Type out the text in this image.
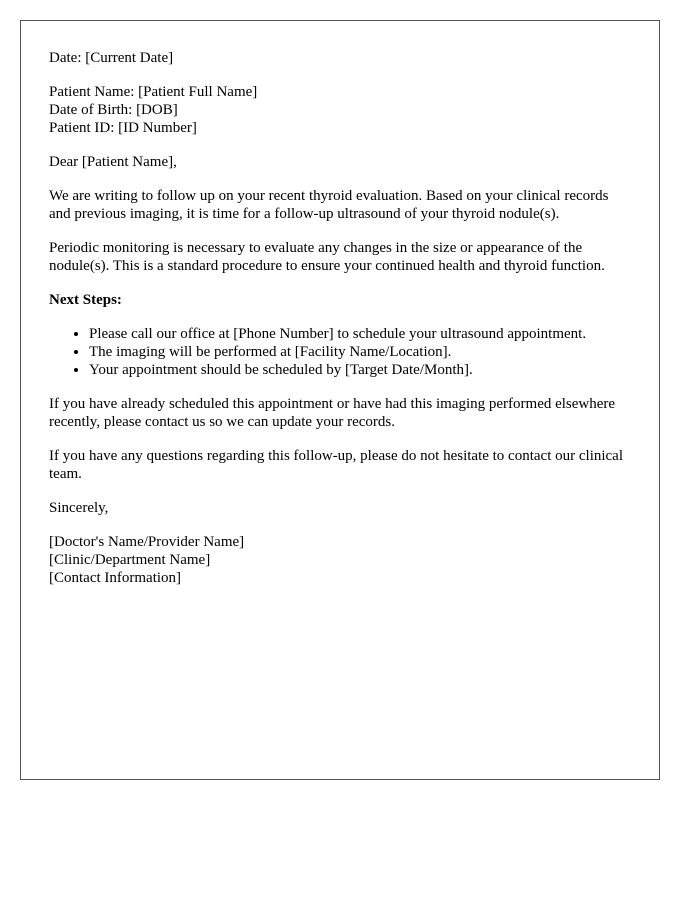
Date: [Current Date]

Patient Name: [Patient Full Name]
Date of Birth: [DOB]
Patient ID: [ID Number]

Dear [Patient Name],

We are writing to follow up on your recent thyroid evaluation. Based on your clinical records and previous imaging, it is time for a follow-up ultrasound of your thyroid nodule(s).

Periodic monitoring is necessary to evaluate any changes in the size or appearance of the nodule(s). This is a standard procedure to ensure your continued health and thyroid function.

Next Steps:
• Please call our office at [Phone Number] to schedule your ultrasound appointment.
• The imaging will be performed at [Facility Name/Location].
• Your appointment should be scheduled by [Target Date/Month].

If you have already scheduled this appointment or have had this imaging performed elsewhere recently, please contact us so we can update your records.

If you have any questions regarding this follow-up, please do not hesitate to contact our clinical team.

Sincerely,

[Doctor's Name/Provider Name]
[Clinic/Department Name]
[Contact Information]
